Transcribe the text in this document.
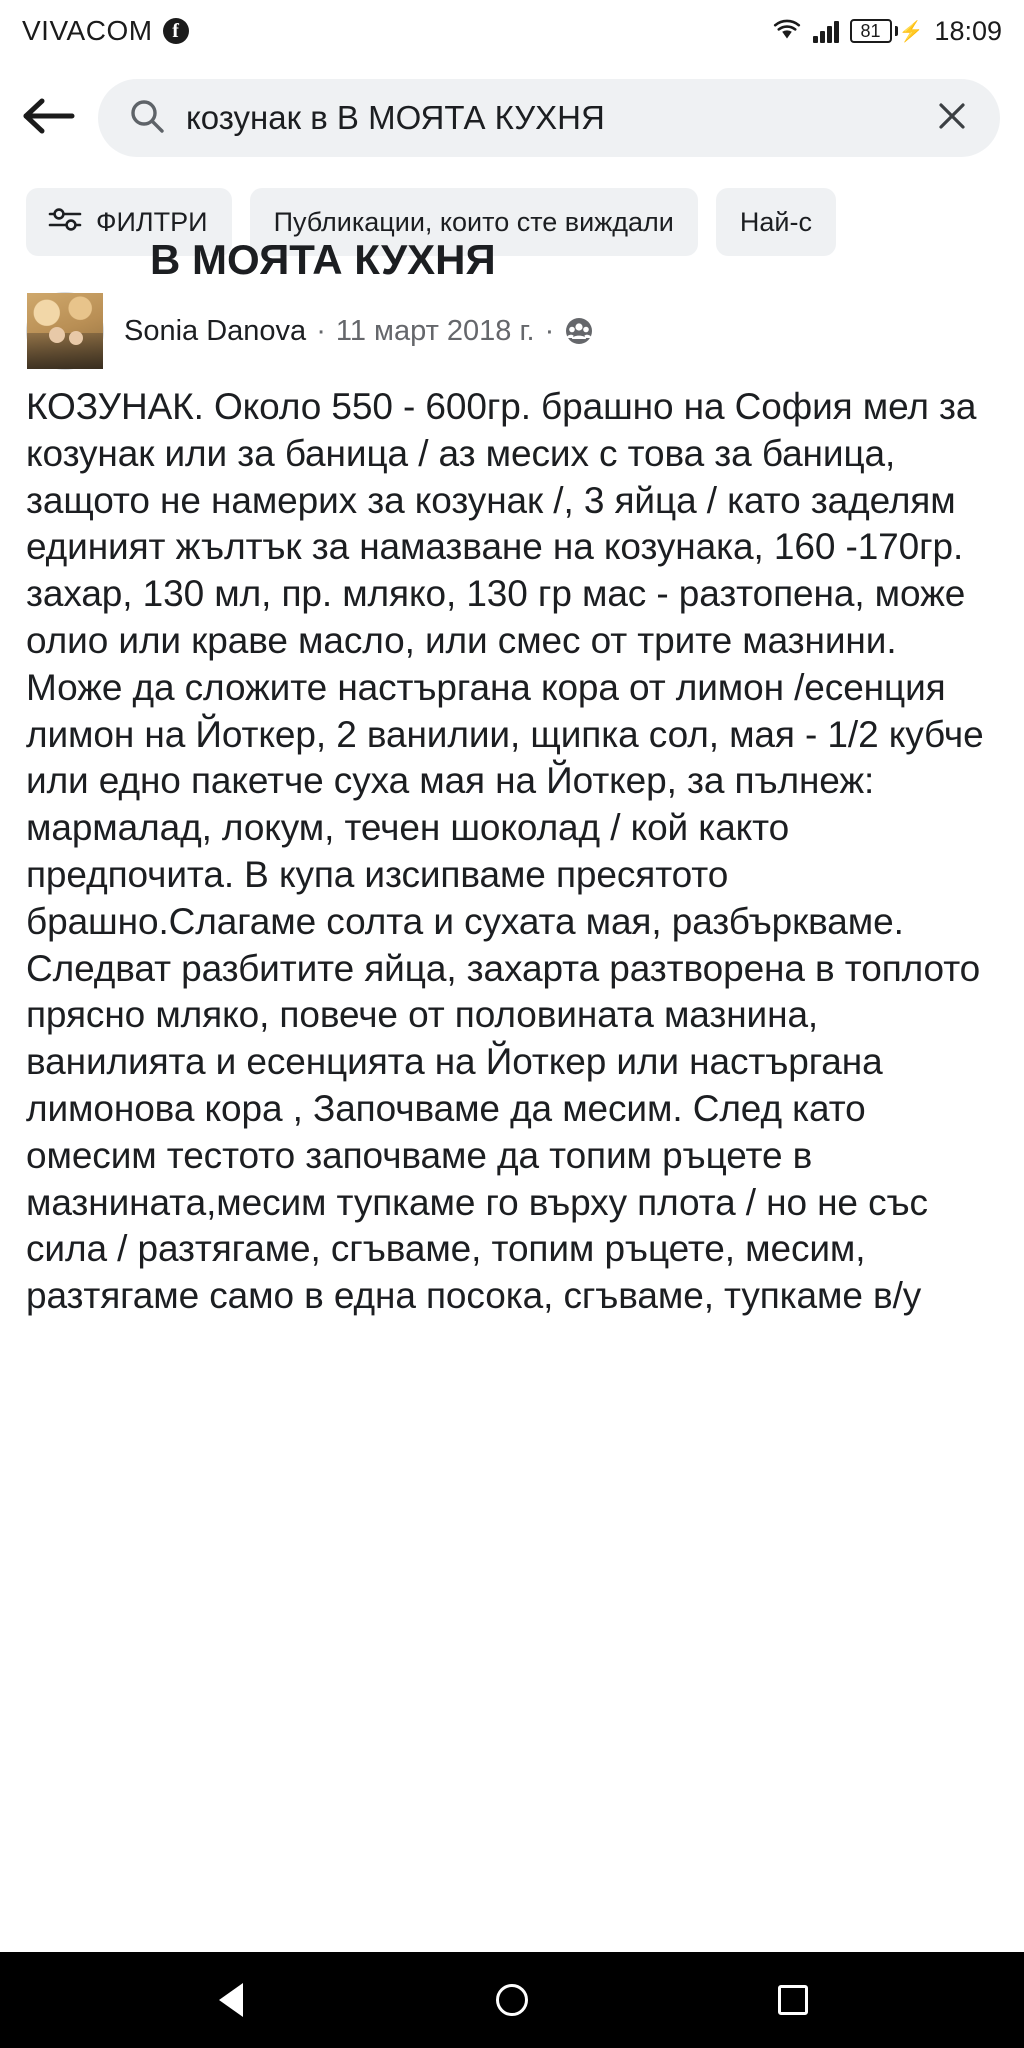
VIVACOM f	81 ⚡ 18:09
козунак в В МОЯТА КУХНЯ
ФИЛТРИ Публикации, които сте виждали Най-с
В МОЯТА КУХНЯ
Sonia Danova · 11 март 2018 г. ·
КОЗУНАК. Около 550 - 600гр. брашно на София мел за козунак или за баница / аз месих с това за баница, защото не намерих за козунак /, 3 яйца / като заделям единият жълтък за намазване на козунака, 160 -170гр. захар, 130 мл, пр. мляко, 130 гр мас - разтопена, може олио или краве масло, или смес от трите мазнини. Може да сложите настъргана кора от лимон /есенция лимон на Йоткер, 2 ванилии, щипка сол, мая - 1/2 кубче или едно пакетче суха мая на Йоткер, за пълнеж: мармалад, локум, течен шоколад / кой както предпочита. В купа изсипваме пресятото брашно.Слагаме солта и сухата мая, разбъркваме. Следват разбитите яйца, захарта разтворена в топлото прясно мляко, повече от половината мазнина, ванилията и есенцията на Йоткер или настъргана лимонова кора , Започваме да месим. След като омесим тестото започваме да топим ръцете в мазнината,месим тупкаме го върху плота / но не със сила / разтягаме, сгъваме, топим ръцете, месим, разтягаме само в една посока, сгъваме, тупкаме в/у
